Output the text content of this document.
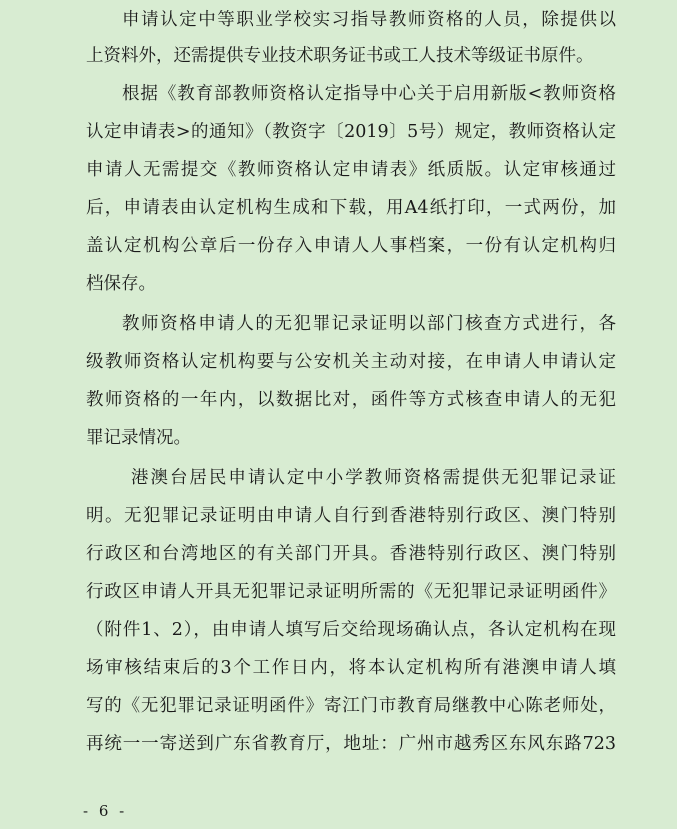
申请认定中等职业学校实习指导教师资格的人员，除提供以
上资料外，还需提供专业技术职务证书或工人技术等级证书原件。
根据《教育部教师资格认定指导中心关于启用新版<教师资格
认定申请表>的通知》（教资字〔2019〕5号）规定，教师资格认定
申请人无需提交《教师资格认定申请表》纸质版。认定审核通过
后，申请表由认定机构生成和下载，用A4纸打印，一式两份，加
盖认定机构公章后一份存入申请人人事档案，一份有认定机构归
档保存。
教师资格申请人的无犯罪记录证明以部门核查方式进行，各
级教师资格认定机构要与公安机关主动对接，在申请人申请认定
教师资格的一年内，以数据比对，函件等方式核查申请人的无犯
罪记录情况。
港澳台居民申请认定中小学教师资格需提供无犯罪记录证
明。无犯罪记录证明由申请人自行到香港特别行政区、澳门特别
行政区和台湾地区的有关部门开具。香港特别行政区、澳门特别
行政区申请人开具无犯罪记录证明所需的《无犯罪记录证明函件》
（附件1、2），由申请人填写后交给现场确认点，各认定机构在现
场审核结束后的3个工作日内，将本认定机构所有港澳申请人填
写的《无犯罪记录证明函件》寄江门市教育局继教中心陈老师处，
再统一一寄送到广东省教育厅，地址：广州市越秀区东风东路723
- 6 -
